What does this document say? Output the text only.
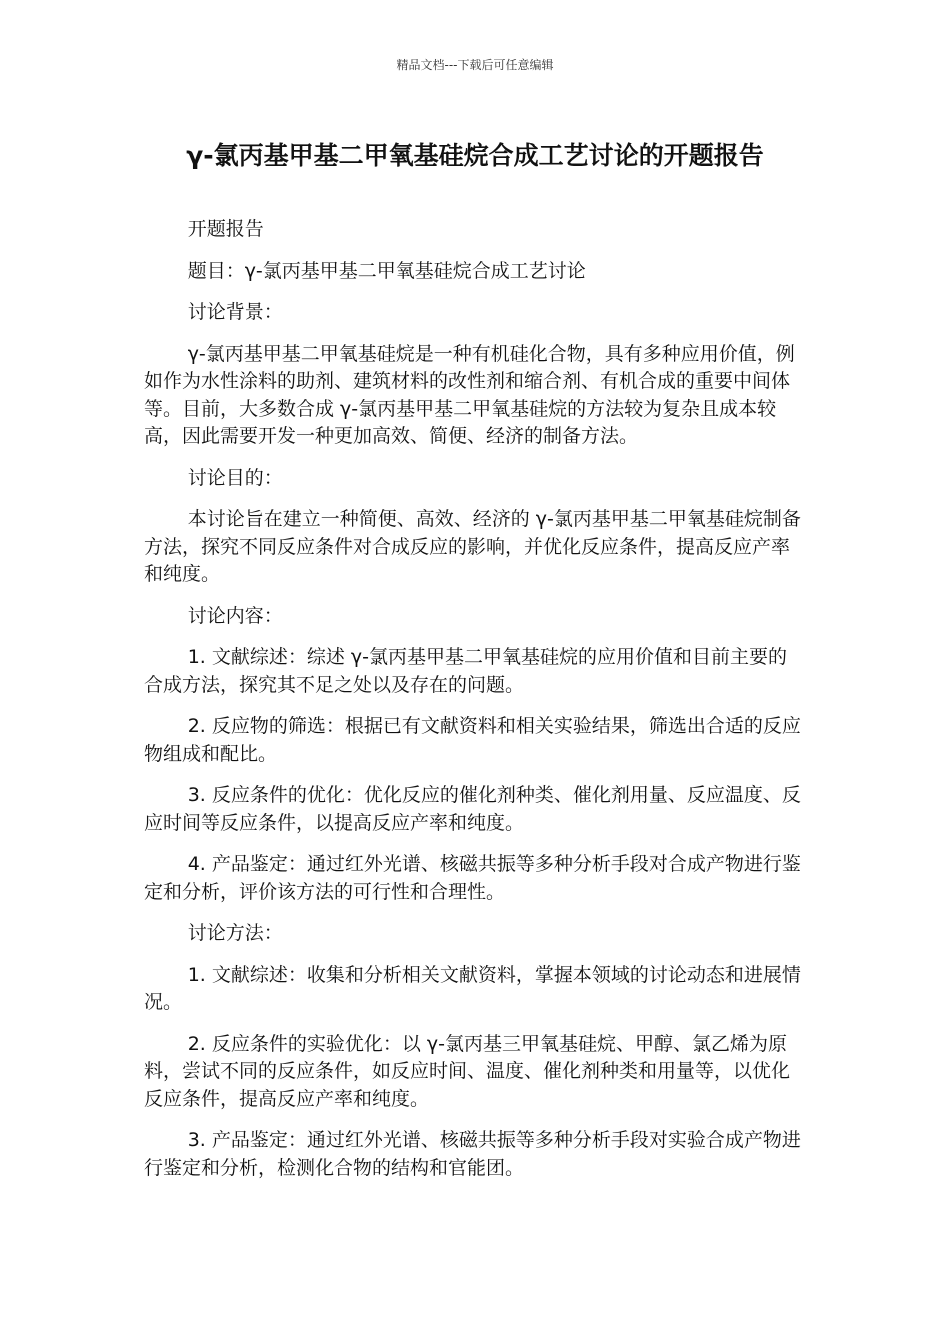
精品文档---下载后可任意编辑
γ-氯丙基甲基二甲氧基硅烷合成工艺讨论的开题报告

开题报告

题目：γ-氯丙基甲基二甲氧基硅烷合成工艺讨论

讨论背景：

γ-氯丙基甲基二甲氧基硅烷是一种有机硅化合物，具有多种应用价值，例如作为水性涂料的助剂、建筑材料的改性剂和缩合剂、有机合成的重要中间体等。目前，大多数合成 γ-氯丙基甲基二甲氧基硅烷的方法较为复杂且成本较高，因此需要开发一种更加高效、简便、经济的制备方法。

讨论目的：

本讨论旨在建立一种简便、高效、经济的 γ-氯丙基甲基二甲氧基硅烷制备方法，探究不同反应条件对合成反应的影响，并优化反应条件，提高反应产率和纯度。

讨论内容：

1. 文献综述：综述 γ-氯丙基甲基二甲氧基硅烷的应用价值和目前主要的合成方法，探究其不足之处以及存在的问题。

2. 反应物的筛选：根据已有文献资料和相关实验结果，筛选出合适的反应物组成和配比。

3. 反应条件的优化：优化反应的催化剂种类、催化剂用量、反应温度、反应时间等反应条件，以提高反应产率和纯度。

4. 产品鉴定：通过红外光谱、核磁共振等多种分析手段对合成产物进行鉴定和分析，评价该方法的可行性和合理性。

讨论方法：

1. 文献综述：收集和分析相关文献资料，掌握本领域的讨论动态和进展情况。

2. 反应条件的实验优化：以 γ-氯丙基三甲氧基硅烷、甲醇、氯乙烯为原料，尝试不同的反应条件，如反应时间、温度、催化剂种类和用量等，以优化反应条件，提高反应产率和纯度。

3. 产品鉴定：通过红外光谱、核磁共振等多种分析手段对实验合成产物进行鉴定和分析，检测化合物的结构和官能团。
